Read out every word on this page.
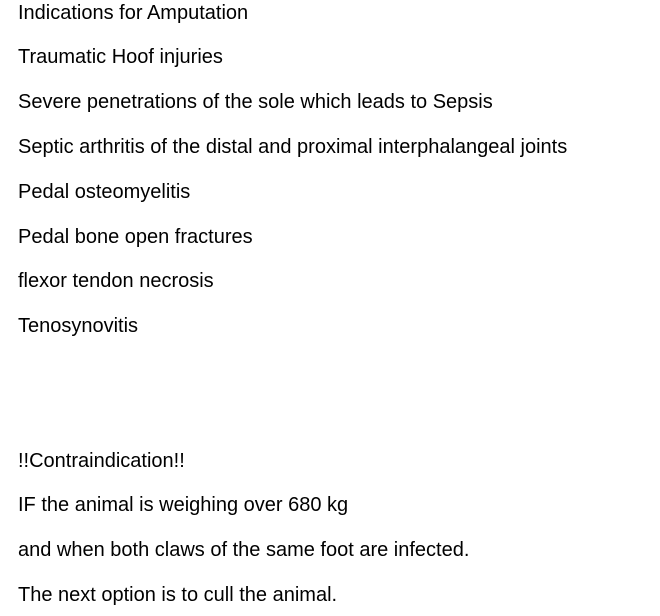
Indications for Amputation
Traumatic Hoof injuries
Severe penetrations of the sole which leads to Sepsis
Septic arthritis of the distal and proximal interphalangeal joints
Pedal osteomyelitis
Pedal bone open fractures
flexor tendon necrosis
Tenosynovitis
!!Contraindication!!
IF the animal is weighing over 680 kg
and when both claws of the same foot are infected.
The next option is to cull the animal.
